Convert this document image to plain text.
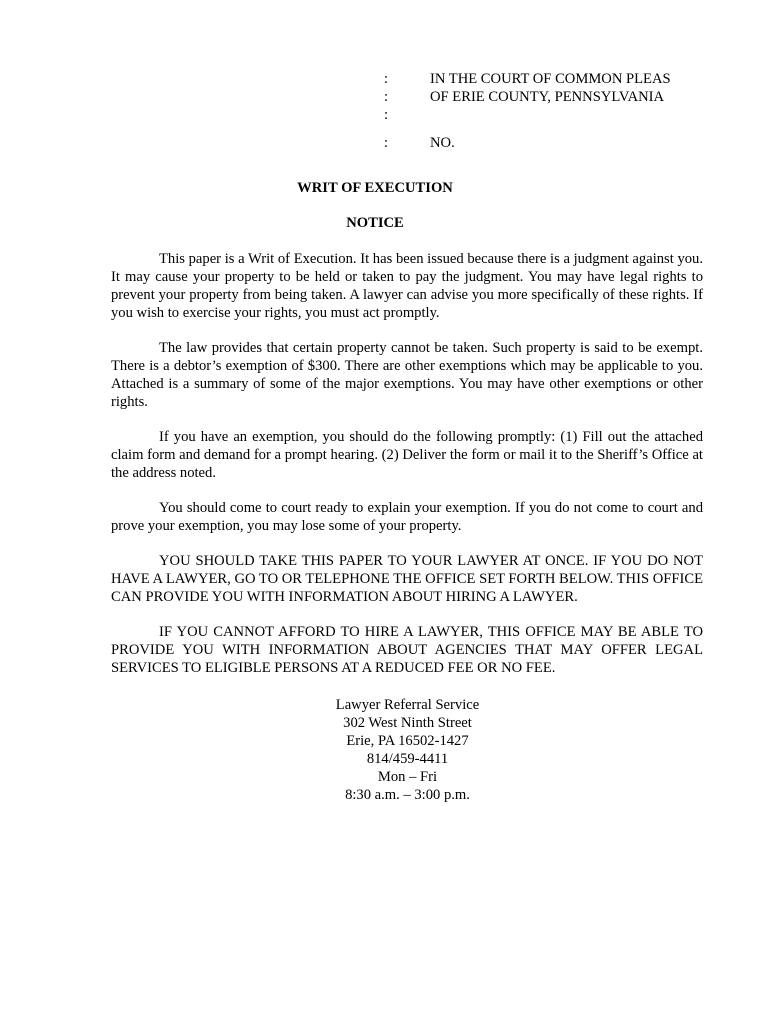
:	IN THE COURT OF COMMON PLEAS
:	OF ERIE COUNTY, PENNSYLVANIA
:
:	NO.
WRIT OF EXECUTION
NOTICE

This paper is a Writ of Execution. It has been issued because there is a judgment against you. It may cause your property to be held or taken to pay the judgment. You may have legal rights to prevent your property from being taken. A lawyer can advise you more specifically of these rights. If you wish to exercise your rights, you must act promptly.

The law provides that certain property cannot be taken. Such property is said to be exempt. There is a debtor’s exemption of $300. There are other exemptions which may be applicable to you. Attached is a summary of some of the major exemptions. You may have other exemptions or other rights.

If you have an exemption, you should do the following promptly: (1) Fill out the attached claim form and demand for a prompt hearing. (2) Deliver the form or mail it to the Sheriff’s Office at the address noted.

You should come to court ready to explain your exemption. If you do not come to court and prove your exemption, you may lose some of your property.

YOU SHOULD TAKE THIS PAPER TO YOUR LAWYER AT ONCE. IF YOU DO NOT HAVE A LAWYER, GO TO OR TELEPHONE THE OFFICE SET FORTH BELOW. THIS OFFICE CAN PROVIDE YOU WITH INFORMATION ABOUT HIRING A LAWYER.

IF YOU CANNOT AFFORD TO HIRE A LAWYER, THIS OFFICE MAY BE ABLE TO PROVIDE YOU WITH INFORMATION ABOUT AGENCIES THAT MAY OFFER LEGAL SERVICES TO ELIGIBLE PERSONS AT A REDUCED FEE OR NO FEE.

Lawyer Referral Service
302 West Ninth Street
Erie, PA 16502-1427
814/459-4411
Mon – Fri
8:30 a.m. – 3:00 p.m.
